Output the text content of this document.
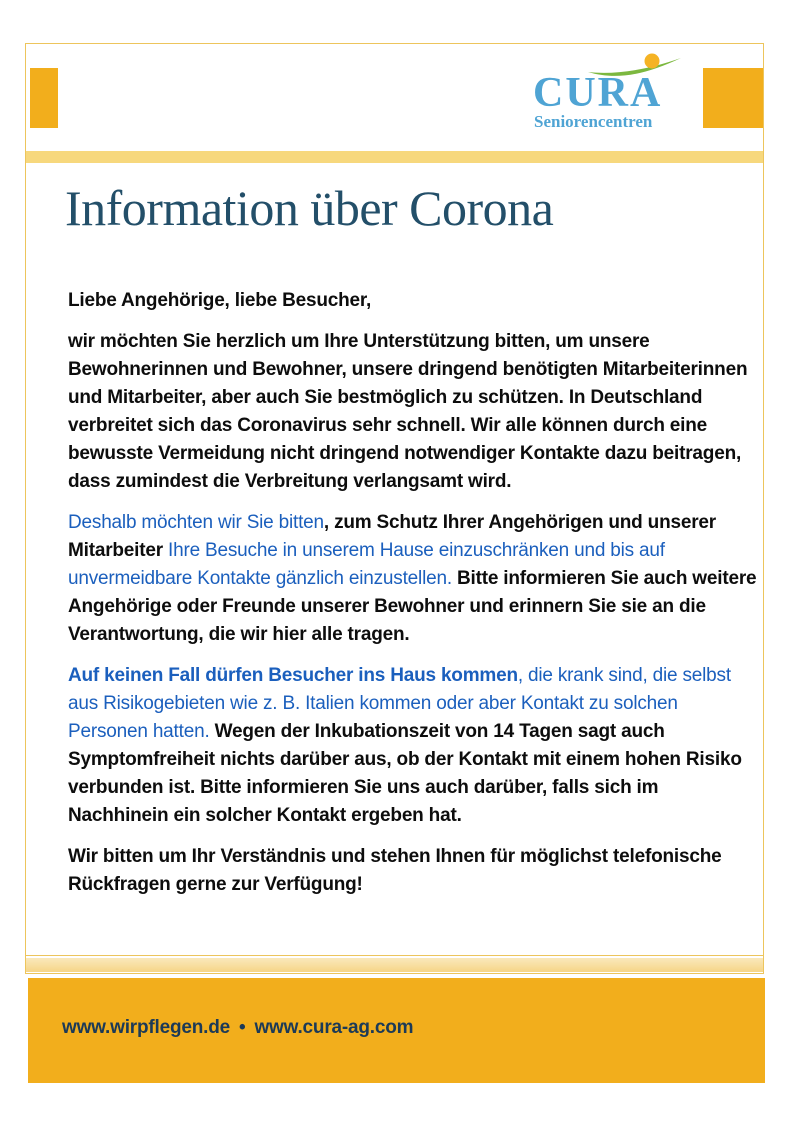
CURA
Seniorencentren
Information über Corona

Liebe Angehörige, liebe Besucher,

wir möchten Sie herzlich um Ihre Unterstützung bitten, um unsere Bewohnerinnen und Bewohner, unsere dringend benötigten Mitarbeiterinnen und Mitarbeiter, aber auch Sie bestmöglich zu schützen. In Deutschland verbreitet sich das Coronavirus sehr schnell. Wir alle können durch eine bewusste Vermeidung nicht dringend notwendiger Kontakte dazu beitragen, dass zumindest die Verbreitung verlangsamt wird.

Deshalb möchten wir Sie bitten, zum Schutz Ihrer Angehörigen und unserer Mitarbeiter Ihre Besuche in unserem Hause einzuschränken und bis auf unvermeidbare Kontakte gänzlich einzustellen. Bitte informieren Sie auch weitere Angehörige oder Freunde unserer Bewohner und erinnern Sie sie an die Verantwortung, die wir hier alle tragen.

Auf keinen Fall dürfen Besucher ins Haus kommen, die krank sind, die selbst aus Risikogebieten wie z. B. Italien kommen oder aber Kontakt zu solchen Personen hatten. Wegen der Inkubationszeit von 14 Tagen sagt auch Symptomfreiheit nichts darüber aus, ob der Kontakt mit einem hohen Risiko verbunden ist. Bitte informieren Sie uns auch darüber, falls sich im Nachhinein ein solcher Kontakt ergeben hat.

Wir bitten um Ihr Verständnis und stehen Ihnen für möglichst telefonische Rückfragen gerne zur Verfügung!

www.wirpflegen.de • www.cura-ag.com
